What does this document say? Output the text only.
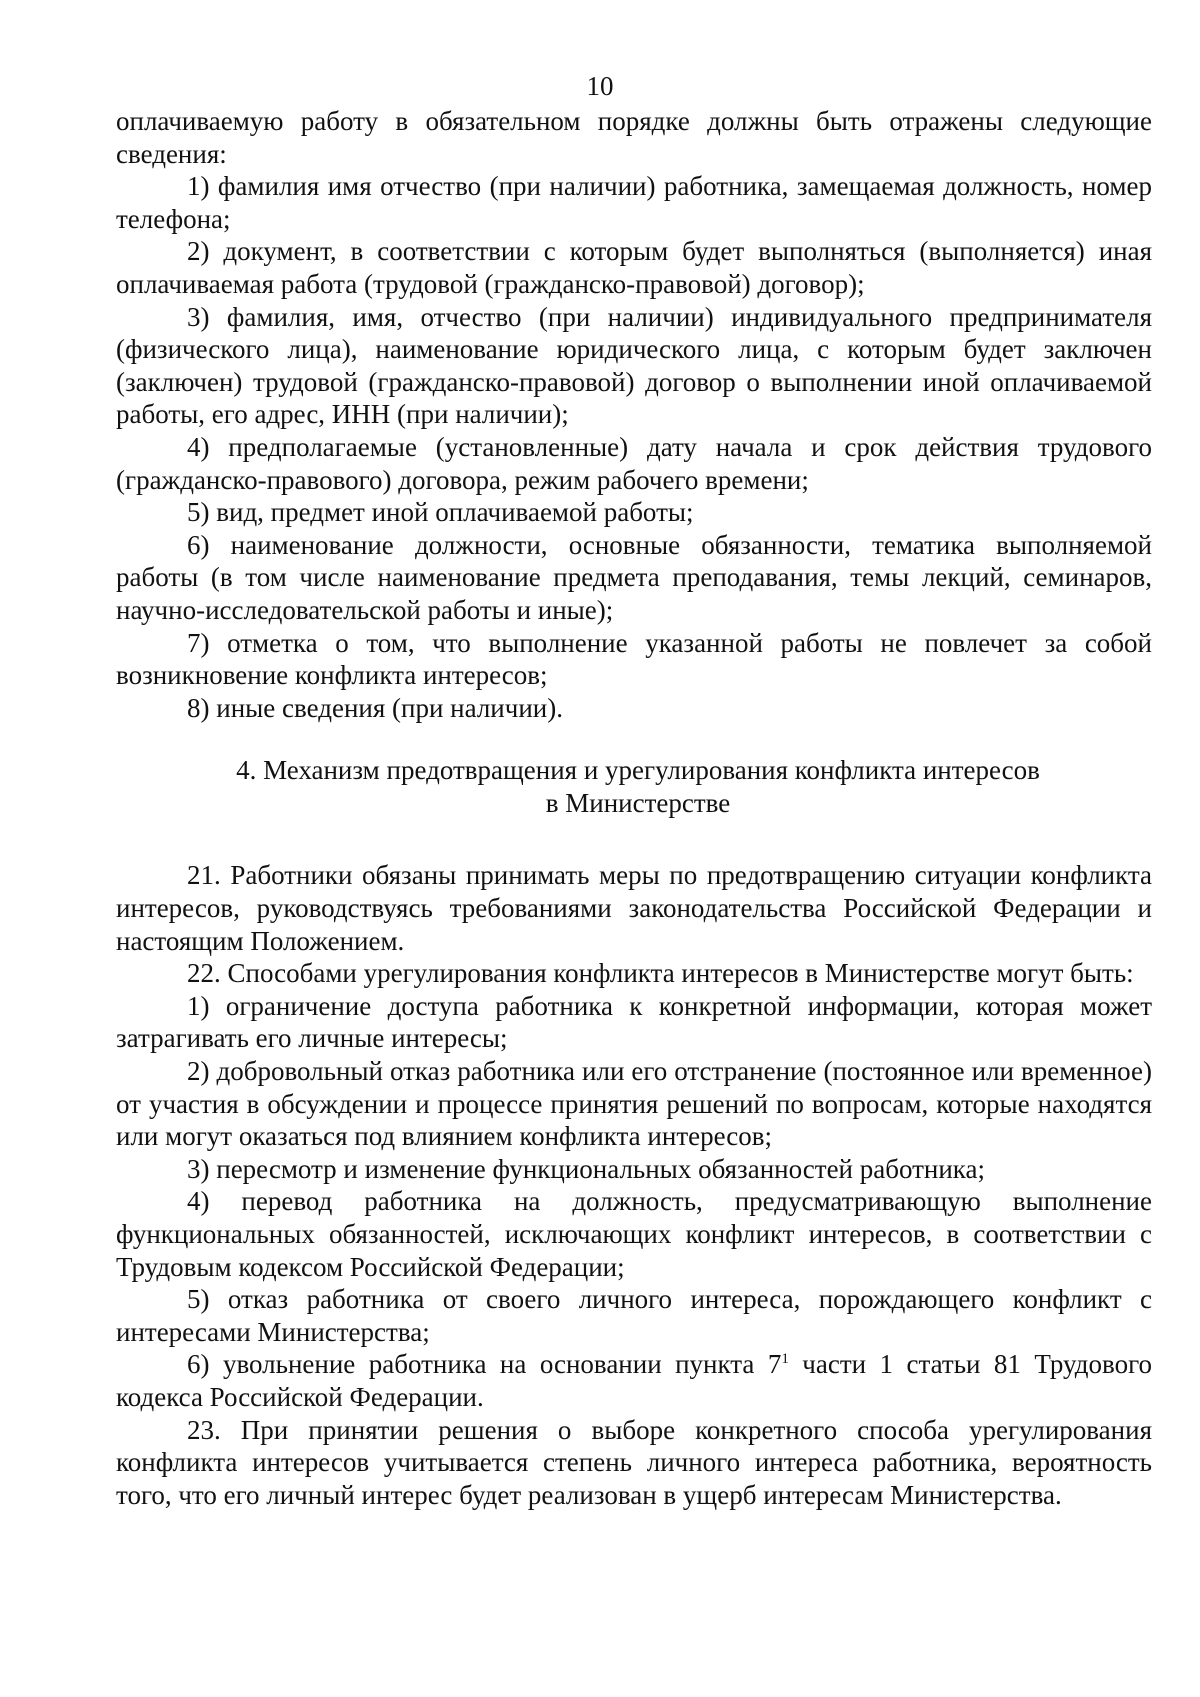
10

оплачиваемую работу в обязательном порядке должны быть отражены следующие сведения:

1) фамилия имя отчество (при наличии) работника, замещаемая должность, номер телефона;

2) документ, в соответствии с которым будет выполняться (выполняется) иная оплачиваемая работа (трудовой (гражданско-правовой) договор);

3) фамилия, имя, отчество (при наличии) индивидуального предпринимателя (физического лица), наименование юридического лица, с которым будет заключен (заключен) трудовой (гражданско-правовой) договор о выполнении иной оплачиваемой работы, его адрес, ИНН (при наличии);

4) предполагаемые (установленные) дату начала и срок действия трудового (гражданско-правового) договора, режим рабочего времени;

5) вид, предмет иной оплачиваемой работы;

6) наименование должности, основные обязанности, тематика выполняемой работы (в том числе наименование предмета преподавания, темы лекций, семинаров, научно-исследовательской работы и иные);

7) отметка о том, что выполнение указанной работы не повлечет за собой возникновение конфликта интересов;

8) иные сведения (при наличии).

4. Механизм предотвращения и урегулирования конфликта интересов
в Министерстве

21. Работники обязаны принимать меры по предотвращению ситуации конфликта интересов, руководствуясь требованиями законодательства Российской Федерации и настоящим Положением.

22. Способами урегулирования конфликта интересов в Министерстве могут быть:

1) ограничение доступа работника к конкретной информации, которая может затрагивать его личные интересы;

2) добровольный отказ работника или его отстранение (постоянное или временное) от участия в обсуждении и процессе принятия решений по вопросам, которые находятся или могут оказаться под влиянием конфликта интересов;

3) пересмотр и изменение функциональных обязанностей работника;

4) перевод работника на должность, предусматривающую выполнение функциональных обязанностей, исключающих конфликт интересов, в соответствии с Трудовым кодексом Российской Федерации;

5) отказ работника от своего личного интереса, порождающего конфликт с интересами Министерства;

6) увольнение работника на основании пункта $7^1$ части 1 статьи 81 Трудового кодекса Российской Федерации.

23. При принятии решения о выборе конкретного способа урегулирования конфликта интересов учитывается степень личного интереса работника, вероятность того, что его личный интерес будет реализован в ущерб интересам Министерства.
